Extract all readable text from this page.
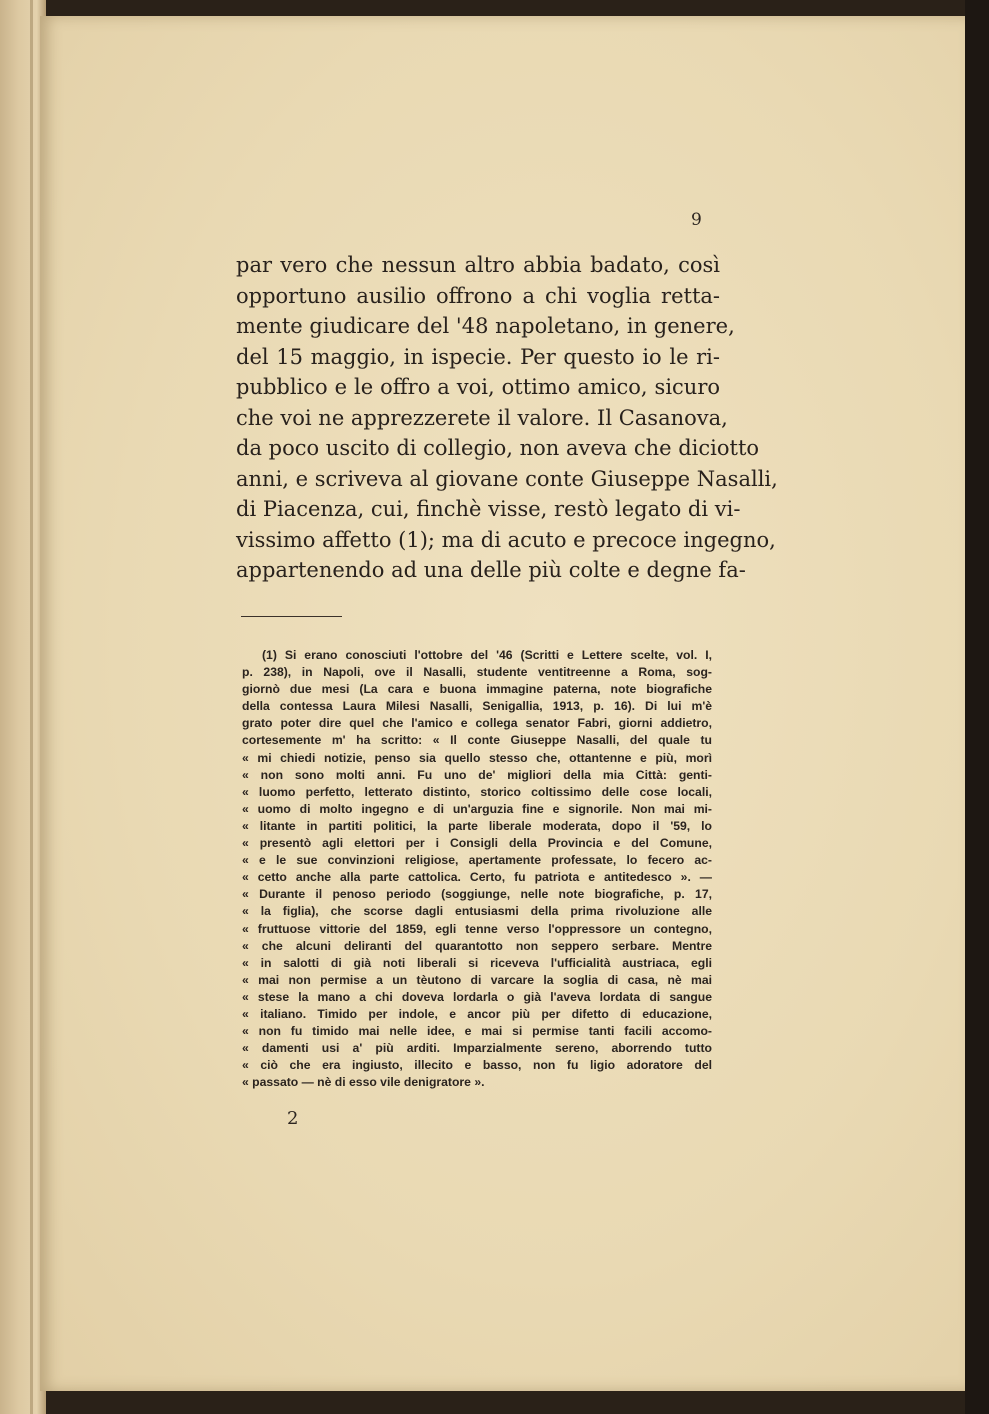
9
par vero che nessun altro abbia badato, così
opportuno ausilio offrono a chi voglia retta-
mente giudicare del '48 napoletano, in genere,
del 15 maggio, in ispecie. Per questo io le ri-
pubblico e le offro a voi, ottimo amico, sicuro
che voi ne apprezzerete il valore. Il Casanova,
da poco uscito di collegio, non aveva che diciotto
anni, e scriveva al giovane conte Giuseppe Nasalli,
di Piacenza, cui, finchè visse, restò legato di vi-
vissimo affetto (1); ma di acuto e precoce ingegno,
appartenendo ad una delle più colte e degne fa-
(1) Si erano conosciuti l'ottobre del '46 (Scritti e Lettere scelte, vol. I,
p. 238), in Napoli, ove il Nasalli, studente ventitreenne a Roma, sog-
giornò due mesi (La cara e buona immagine paterna, note biografiche
della contessa Laura Milesi Nasalli, Senigallia, 1913, p. 16). Di lui m'è
grato poter dire quel che l'amico e collega senator Fabri, giorni addietro,
cortesemente m' ha scritto: « Il conte Giuseppe Nasalli, del quale tu
« mi chiedi notizie, penso sia quello stesso che, ottantenne e più, morì
« non sono molti anni. Fu uno de' migliori della mia Città: genti-
« luomo perfetto, letterato distinto, storico coltissimo delle cose locali,
« uomo di molto ingegno e di un'arguzia fine e signorile. Non mai mi-
« litante in partiti politici, la parte liberale moderata, dopo il '59, lo
« presentò agli elettori per i Consigli della Provincia e del Comune,
« e le sue convinzioni religiose, apertamente professate, lo fecero ac-
« cetto anche alla parte cattolica. Certo, fu patriota e antitedesco ». —
« Durante il penoso periodo (soggiunge, nelle note biografiche, p. 17,
« la figlia), che scorse dagli entusiasmi della prima rivoluzione alle
« fruttuose vittorie del 1859, egli tenne verso l'oppressore un contegno,
« che alcuni deliranti del quarantotto non seppero serbare. Mentre
« in salotti di già noti liberali si riceveva l'ufficialità austriaca, egli
« mai non permise a un tèutono di varcare la soglia di casa, nè mai
« stese la mano a chi doveva lordarla o già l'aveva lordata di sangue
« italiano. Timido per indole, e ancor più per difetto di educazione,
« non fu timido mai nelle idee, e mai si permise tanti facili accomo-
« damenti usi a' più arditi. Imparzialmente sereno, aborrendo tutto
« ciò che era ingiusto, illecito e basso, non fu ligio adoratore del
« passato — nè di esso vile denigratore ».
2
